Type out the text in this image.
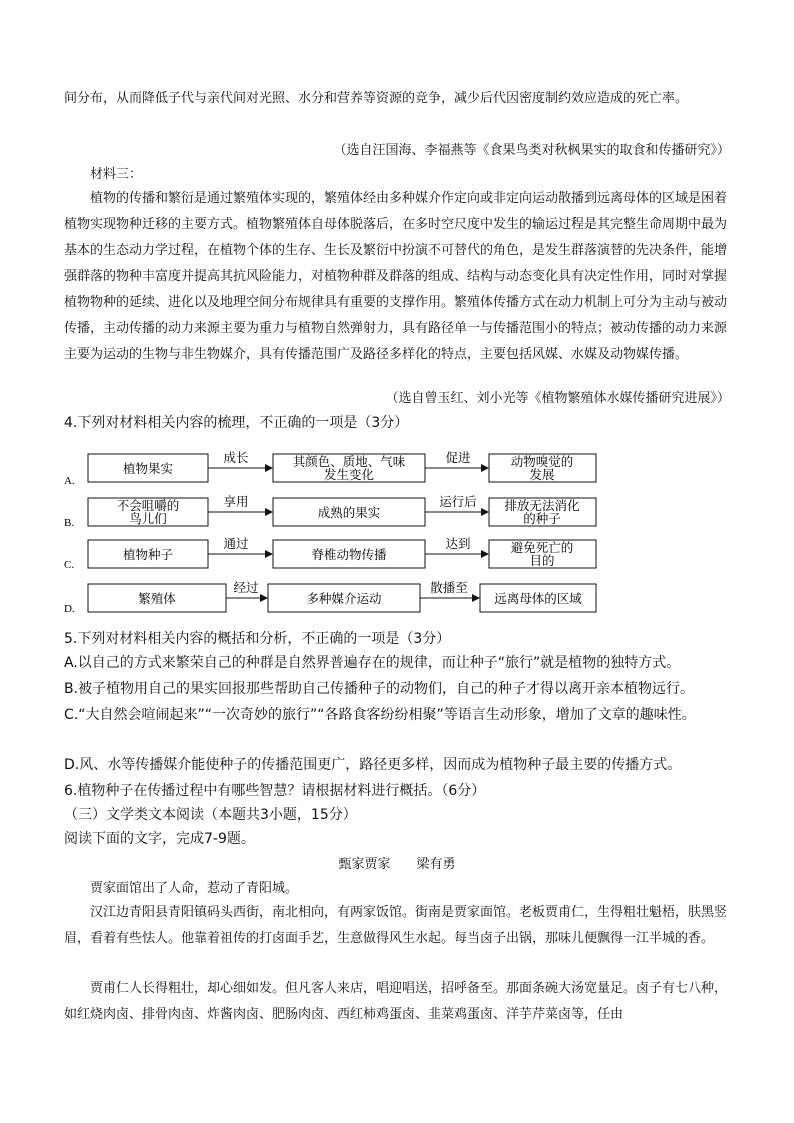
间分布，从而降低子代与亲代间对光照、水分和营养等资源的竞争，减少后代因密度制约效应造成的死亡率。
（选自汪国海、李福燕等《食果鸟类对秋枫果实的取食和传播研究》）
材料三：
植物的传播和繁衍是通过繁殖体实现的，繁殖体经由多种媒介作定向或非定向运动散播到远离母体的区域是困着植物实现物种迁移的主要方式。植物繁殖体自母体脱落后，在多时空尺度中发生的输运过程是其完整生命周期中最为基本的生态动力学过程，在植物个体的生存、生长及繁衍中扮演不可替代的角色，是发生群落演替的先决条件，能增强群落的物种丰富度并提高其抗风险能力，对植物种群及群落的组成、结构与动态变化具有决定性作用，同时对掌握植物物种的延续、进化以及地理空间分布规律具有重要的支撑作用。繁殖体传播方式在动力机制上可分为主动与被动传播，主动传播的动力来源主要为重力与植物自然弹射力，具有路径单一与传播范围小的特点；被动传播的动力来源主要为运动的生物与非生物媒介，具有传播范围广及路径多样化的特点，主要包括风媒、水媒及动物媒传播。
（选自曾玉红、刘小光等《植物繁殖体水媒传播研究进展》）
4.下列对材料相关内容的梳理，不正确的一项是（3分）
A.
植物果实
成长	其颜色、质地、气味
发生变化
促进	动物嗅觉的
发展
B.
不会咀嚼的
鸟儿们
享用
成熟的果实
运行后 排放无法消化
的种子
C.
植物种子
通过
脊椎动物传播
达到	避免死亡的
目的
D.
繁殖体
经过
多种媒介运动
散播至
远离母体的区域
5.下列对材料相关内容的概括和分析，不正确的一项是（3分）
A.以自己的方式来繁荣自己的种群是自然界普遍存在的规律，而让种子“旅行”就是植物的独特方式。
B.被子植物用自己的果实回报那些帮助自己传播种子的动物们，自己的种子才得以离开亲本植物远行。
C.“大自然会喧闹起来”“一次奇妙的旅行”“各路食客纷纷相聚”等语言生动形象，增加了文章的趣味性。
D.风、水等传播媒介能使种子的传播范围更广，路径更多样，因而成为植物种子最主要的传播方式。
6.植物种子在传播过程中有哪些智慧？请根据材料进行概括。（6分）
（三）文学类文本阅读（本题共3小题，15分）
阅读下面的文字，完成7-9题。
甄家贾家　　梁有勇
贾家面馆出了人命，惹动了青阳城。
汉江边青阳县青阳镇码头西街，南北相向，有两家饭馆。街南是贾家面馆。老板贾甫仁，生得粗壮魁梧，肤黑竖眉，看着有些怯人。他靠着祖传的打卤面手艺，生意做得风生水起。每当卤子出锅，那味儿便飘得一江半城的香。
贾甫仁人长得粗壮，却心细如发。但凡客人来店，唱迎唱送，招呼备至。那面条碗大汤宽量足。卤子有七八种，如红烧肉卤、排骨肉卤、炸酱肉卤、肥肠肉卤、西红柿鸡蛋卤、韭菜鸡蛋卤、洋芋芹菜卤等，任由
